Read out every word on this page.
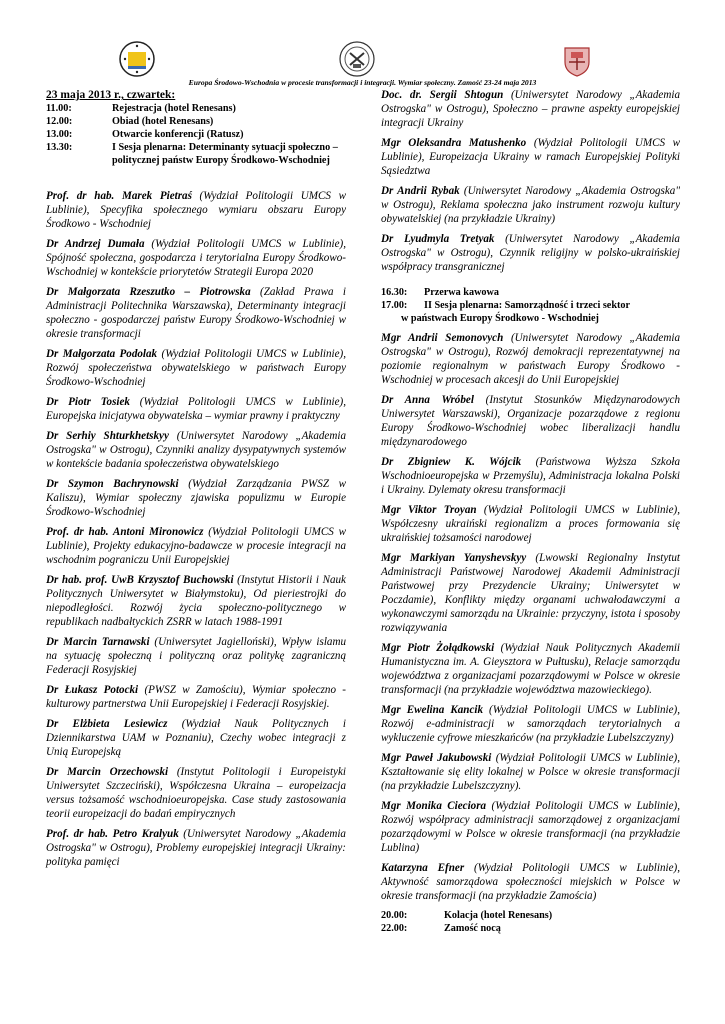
Europa Środowo-Wschodnia w procesie transformacji i integracji. Wymiar społeczny. Zamość 23-24 maja 2013
23 maja 2013 r., czwartek:
11.00:	Rejestracja (hotel Renesans)
12.00:	Obiad (hotel Renesans)
13.00:	Otwarcie konferencji (Ratusz)
13.30:	I Sesja plenarna: Determinanty sytuacji społeczno – politycznej państw Europy Środkowo-Wschodniej
Prof. dr hab. Marek Pietraś (Wydział Politologii UMCS w Lublinie), Specyfika społecznego wymiaru obszaru Europy Środkowo - Wschodniej
Dr Andrzej Dumała (Wydział Politologii UMCS w Lublinie), Spójność społeczna, gospodarcza i terytorialna Europy Środkowo-Wschodniej w kontekście priorytetów Strategii Europa 2020
Dr Małgorzata Rzeszutko – Piotrowska (Zakład Prawa i Administracji Politechnika Warszawska), Determinanty integracji społeczno - gospodarczej państw Europy Środkowo-Wschodniej w okresie transformacji
Dr Małgorzata Podolak (Wydział Politologii UMCS w Lublinie), Rozwój społeczeństwa obywatelskiego w państwach Europy Środkowo-Wschodniej
Dr Piotr Tosiek (Wydział Politologii UMCS w Lublinie), Europejska inicjatywa obywatelska – wymiar prawny i praktyczny
Dr Serhiy Shturkhetskyy (Uniwersytet Narodowy „Akademia Ostrogska" w Ostrogu), Czynniki analizy dysypatywnych systemów w kontekście badania społeczeństwa obywatelskiego
Dr Szymon Bachrynowski (Wydział Zarządzania PWSZ w Kaliszu), Wymiar społeczny zjawiska populizmu w Europie Środkowo-Wschodniej
Prof. dr hab. Antoni Mironowicz (Wydział Politologii UMCS w Lublinie), Projekty edukacyjno-badawcze w procesie integracji na wschodnim pograniczu Unii Europejskiej
Dr hab. prof. UwB Krzysztof Buchowski (Instytut Historii i Nauk Politycznych Uniwersytet w Białymstoku), Od pieriestrojki do niepodległości. Rozwój życia społeczno-politycznego w republikach nadbałtyckich ZSRR w latach 1988-1991
Dr Marcin Tarnawski (Uniwersytet Jagielloński), Wpływ islamu na sytuację społeczną i polityczną oraz politykę zagraniczną Federacji Rosyjskiej
Dr Łukasz Potocki (PWSZ w Zamościu), Wymiar społeczno - kulturowy partnerstwa Unii Europejskiej i Federacji Rosyjskiej.
Dr Elżbieta Lesiewicz (Wydział Nauk Politycznych i Dziennikarstwa UAM w Poznaniu), Czechy wobec integracji z Unią Europejską
Dr Marcin Orzechowski (Instytut Politologii i Europeistyki Uniwersytet Szczeciński), Współczesna Ukraina – europeizacja versus tożsamość wschodnioeuropejska. Case study zastosowania teorii europeizacji do badań empirycznych
Prof. dr hab. Petro Kralyuk (Uniwersytet Narodowy „Akademia Ostrogska" w Ostrogu), Problemy europejskiej integracji Ukrainy: polityka pamięci
Doc. dr. Sergii Shtogun (Uniwersytet Narodowy „Akademia Ostrogska" w Ostrogu), Społeczno – prawne aspekty europejskiej integracji Ukrainy
Mgr Oleksandra Matushenko (Wydział Politologii UMCS w Lublinie), Europeizacja Ukrainy w ramach Europejskiej Polityki Sąsiedztwa
Dr Andrii Rybak (Uniwersytet Narodowy „Akademia Ostrogska" w Ostrogu), Reklama społeczna jako instrument rozwoju kultury obywatelskiej (na przykładzie Ukrainy)
Dr Lyudmyla Tretyak (Uniwersytet Narodowy „Akademia Ostrogska" w Ostrogu), Czynnik religijny w polsko-ukraińskiej współpracy transgranicznej
16.30:	Przerwa kawowa
17.00:	II Sesja plenarna: Samorządność i trzeci sektor
w państwach Europy Środkowo - Wschodniej
Mgr Andrii Semonovych (Uniwersytet Narodowy „Akademia Ostrogska" w Ostrogu), Rozwój demokracji reprezentatywnej na poziomie regionalnym w państwach Europy Środkowo - Wschodniej w procesach akcesji do Unii Europejskiej
Dr Anna Wróbel (Instytut Stosunków Międzynarodowych Uniwersytet Warszawski), Organizacje pozarządowe z regionu Europy Środkowo-Wschodniej wobec liberalizacji handlu międzynarodowego
Dr Zbigniew K. Wójcik (Państwowa Wyższa Szkoła Wschodnioeuropejska w Przemyślu), Administracja lokalna Polski i Ukrainy. Dylematy okresu transformacji
Mgr Viktor Troyan (Wydział Politologii UMCS w Lublinie), Współczesny ukraiński regionalizm a proces formowania się ukraińskiej tożsamości narodowej
Mgr Markiyan Yanyshevskyy (Lwowski Regionalny Instytut Administracji Państwowej Narodowej Akademii Administracji Państwowej przy Prezydencie Ukrainy; Uniwersytet w Poczdamie), Konflikty między organami uchwałodawczymi a wykonawczymi samorządu na Ukrainie: przyczyny, istota i sposoby rozwiązywania
Mgr Piotr Żołądkowski (Wydział Nauk Politycznych Akademii Humanistyczna im. A. Gieysztora w Pułtusku), Relacje samorządu województwa z organizacjami pozarządowymi w Polsce w okresie transformacji (na przykładzie województwa mazowieckiego).
Mgr Ewelina Kancik (Wydział Politologii UMCS w Lublinie), Rozwój e-administracji w samorządach terytorialnych a wykluczenie cyfrowe mieszkańców (na przykładzie Lubelszczyzny)
Mgr Paweł Jakubowski (Wydział Politologii UMCS w Lublinie), Kształtowanie się elity lokalnej w Polsce w okresie transformacji (na przykładzie Lubelszczyzny).
Mgr Monika Cieciora (Wydział Politologii UMCS w Lublinie), Rozwój współpracy administracji samorządowej z organizacjami pozarządowymi w Polsce w okresie transformacji (na przykładzie Lublina)
Katarzyna Efner (Wydział Politologii UMCS w Lublinie), Aktywność samorządowa społeczności miejskich w Polsce w okresie transformacji (na przykładzie Zamościa)
20.00:	Kolacja (hotel Renesans)
22.00:	Zamość nocą
